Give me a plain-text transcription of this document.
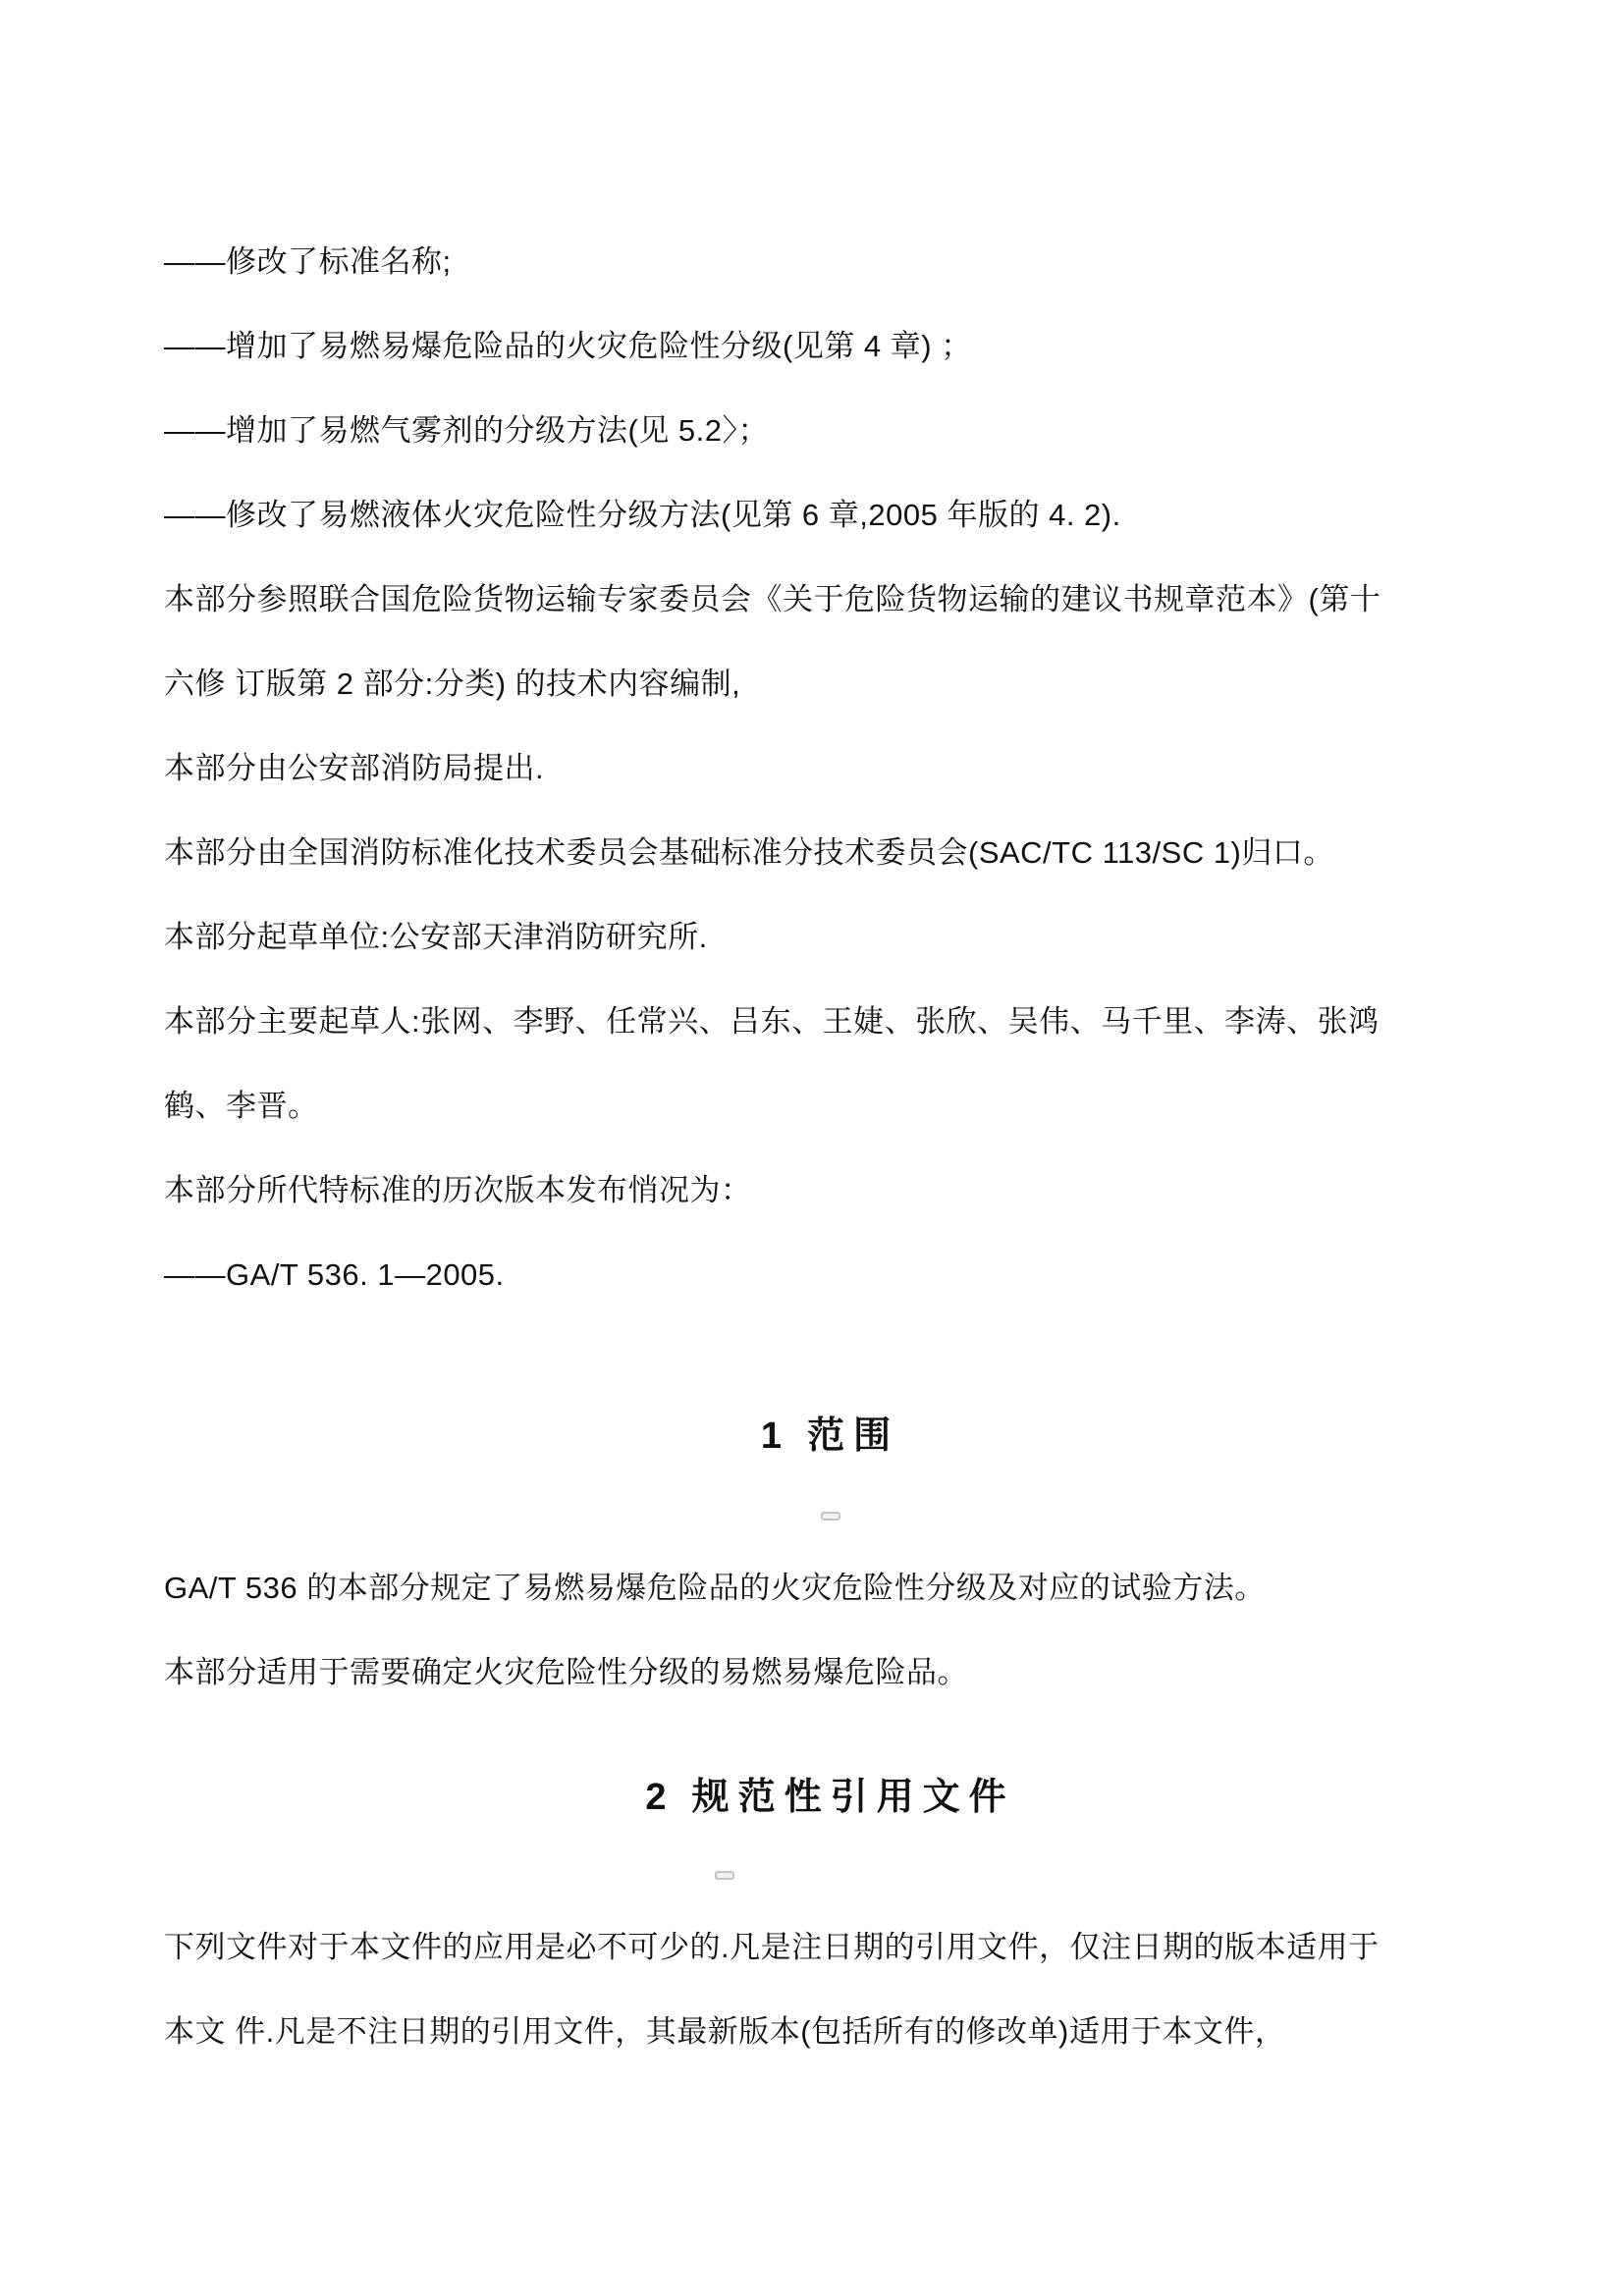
——修改了标准名称;
——增加了易燃易爆危险品的火灾危险性分级(见第 4 章) ；
——增加了易燃气雾剂的分级方法(见 5.2〉；
——修改了易燃液体火灾危险性分级方法(见第 6 章,2005 年版的 4. 2).
本部分参照联合国危险货物运输专家委员会《关于危险货物运输的建议书规章范本》(第十
六修 订版第 2 部分:分类) 的技术内容编制,
本部分由公安部消防局提出.
本部分由全国消防标准化技术委员会基础标准分技术委员会(SAC/TC 113/SC 1)归口。
本部分起草单位:公安部天津消防研究所.
本部分主要起草人:张网、李野、任常兴、吕东、王婕、张欣、吴伟、马千里、李涛、张鸿
鹤、李晋。
本部分所代特标准的历次版本发布悄况为：
——GA/T 536. 1—2005.
1 范围
GA/T 536 的本部分规定了易燃易爆危险品的火灾危险性分级及对应的试验方法。
本部分适用于需要确定火灾危险性分级的易燃易爆危险品。
2 规范性引用文件
下列文件对于本文件的应用是必不可少的.凡是注日期的引用文件，仅注日期的版本适用于
本文 件.凡是不注日期的引用文件，其最新版本(包括所有的修改单)适用于本文件，
